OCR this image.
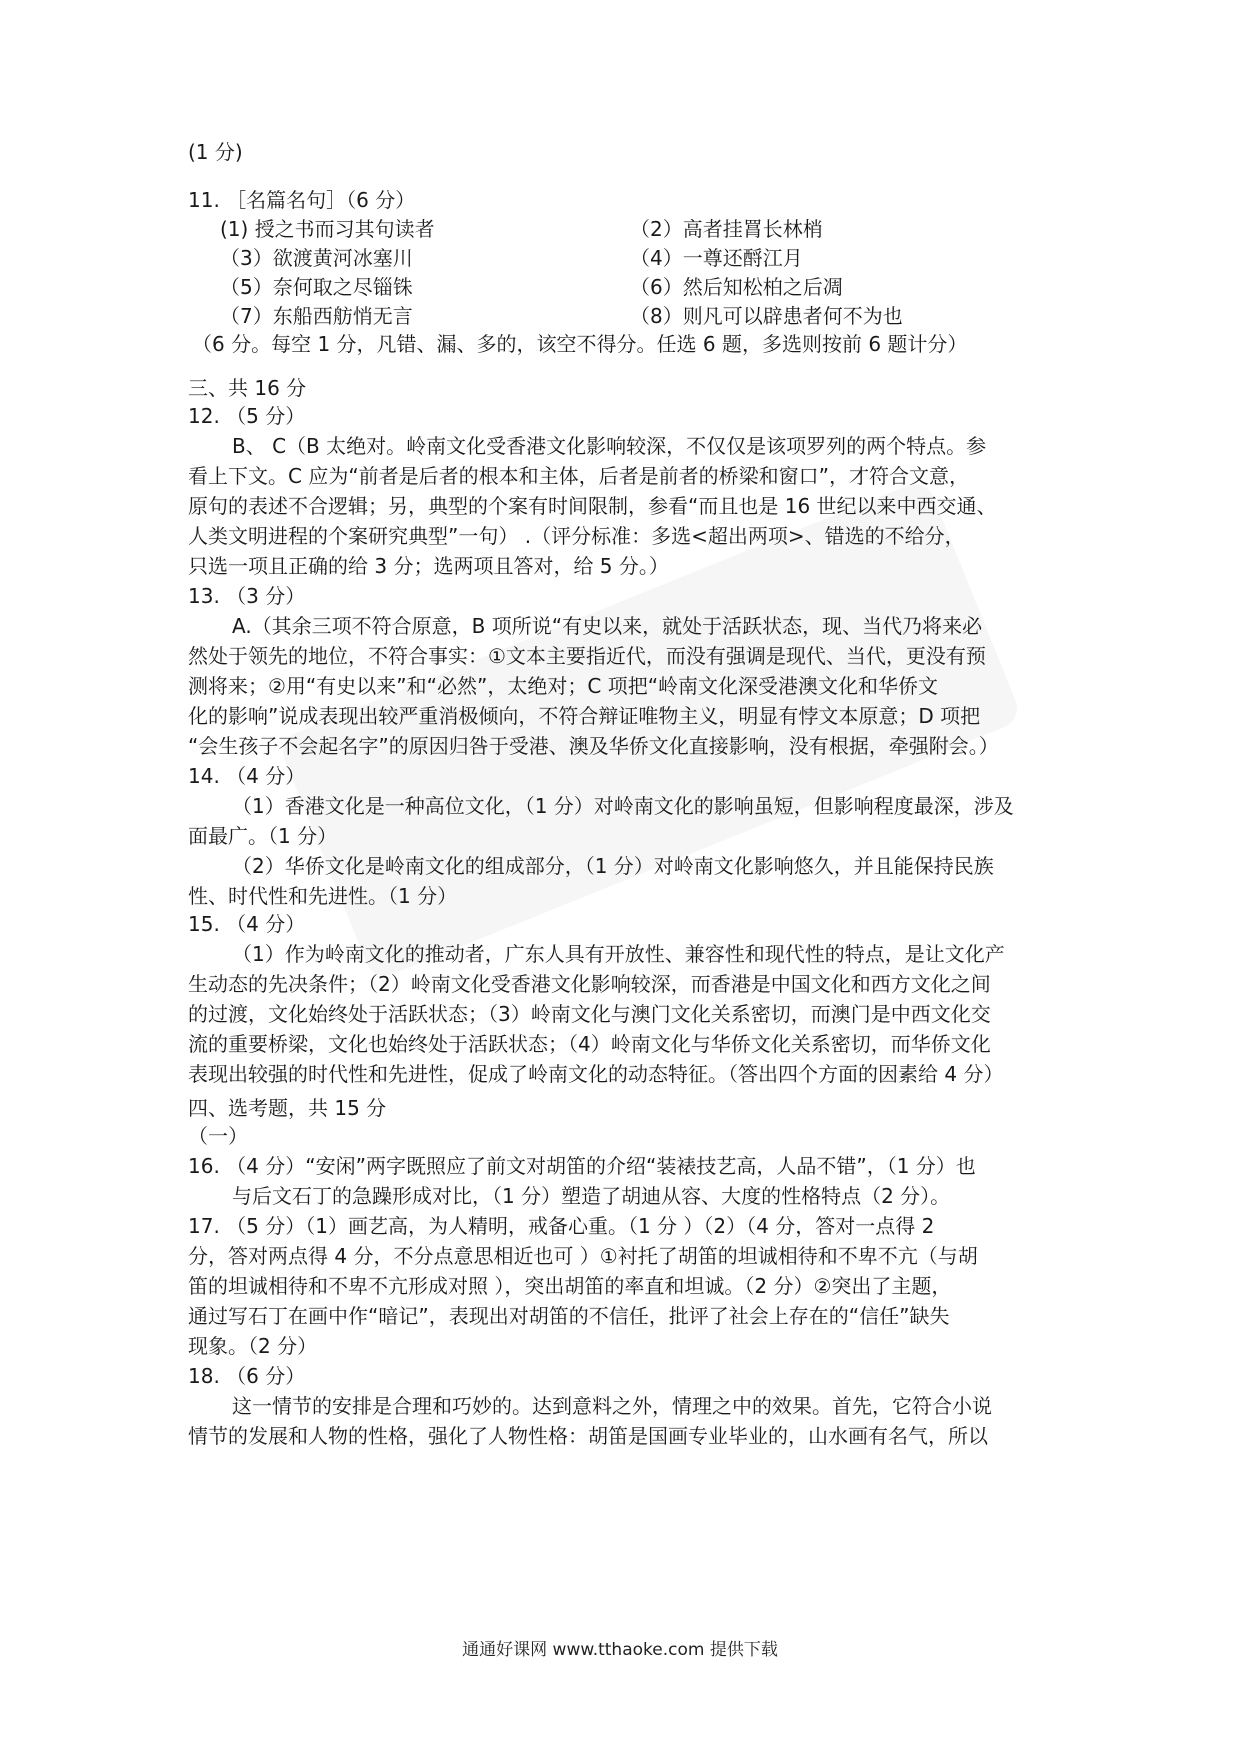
(1 分)
11. ［名篇名句］（6 分）
(1) 授之书而习其句读者	（2）高者挂罥长林梢
（3）欲渡黄河冰塞川	（4）一尊还酹江月
（5）奈何取之尽锱铢	（6）然后知松柏之后凋
（7）东船西舫悄无言	（8）则凡可以辟患者何不为也
（6 分。每空 1 分，凡错、漏、多的，该空不得分。任选 6 题，多选则按前 6 题计分）
三、共 16 分
12. （5 分）
B、 C（B 太绝对。岭南文化受香港文化影响较深，不仅仅是该项罗列的两个特点。参
看上下文。C 应为“前者是后者的根本和主体，后者是前者的桥梁和窗口”，才符合文意，
原句的表述不合逻辑；另，典型的个案有时间限制，参看“而且也是 16 世纪以来中西交通、
人类文明进程的个案研究典型”一句） .（评分标准：多选<超出两项>、错选的不给分，
只选一项且正确的给 3 分；选两项且答对，给 5 分。）
13. （3 分）
A.（其余三项不符合原意，B 项所说“有史以来，就处于活跃状态，现、当代乃将来必
然处于领先的地位，不符合事实：①文本主要指近代，而没有强调是现代、当代，更没有预
测将来；②用“有史以来”和“必然”，太绝对；C 项把“岭南文化深受港澳文化和华侨文
化的影响”说成表现出较严重消极倾向，不符合辩证唯物主义，明显有悖文本原意；D 项把
“会生孩子不会起名字”的原因归咎于受港、澳及华侨文化直接影响，没有根据，牵强附会。）
14. （4 分）
（1）香港文化是一种高位文化，（1 分）对岭南文化的影响虽短，但影响程度最深，涉及
面最广。（1 分）
（2）华侨文化是岭南文化的组成部分，（1 分）对岭南文化影响悠久，并且能保持民族
性、时代性和先进性。（1 分）
15. （4 分）
（1）作为岭南文化的推动者，广东人具有开放性、兼容性和现代性的特点，是让文化产
生动态的先决条件；（2）岭南文化受香港文化影响较深，而香港是中国文化和西方文化之间
的过渡，文化始终处于活跃状态；（3）岭南文化与澳门文化关系密切，而澳门是中西文化交
流的重要桥梁，文化也始终处于活跃状态；（4）岭南文化与华侨文化关系密切，而华侨文化
表现出较强的时代性和先进性，促成了岭南文化的动态特征。（答出四个方面的因素给 4 分）
四、选考题，共 15 分
（一）
16. （4 分）“安闲”两字既照应了前文对胡笛的介绍“装裱技艺高，人品不错”，（1 分）也
与后文石丁的急躁形成对比，（1 分）塑造了胡迪从容、大度的性格特点（2 分）。
17. （5 分）（1）画艺高，为人精明，戒备心重。（1 分 ）（2）（4 分，答对一点得 2
分，答对两点得 4 分，不分点意思相近也可 ）①衬托了胡笛的坦诚相待和不卑不亢（与胡
笛的坦诚相待和不卑不亢形成对照 ），突出胡笛的率直和坦诚。（2 分）②突出了主题，
通过写石丁在画中作“暗记”，表现出对胡笛的不信任，批评了社会上存在的“信任”缺失
现象。（2 分）
18. （6 分）
这一情节的安排是合理和巧妙的。达到意料之外，情理之中的效果。首先，它符合小说
情节的发展和人物的性格，强化了人物性格：胡笛是国画专业毕业的，山水画有名气，所以
通通好课网 www.tthaoke.com 提供下载
